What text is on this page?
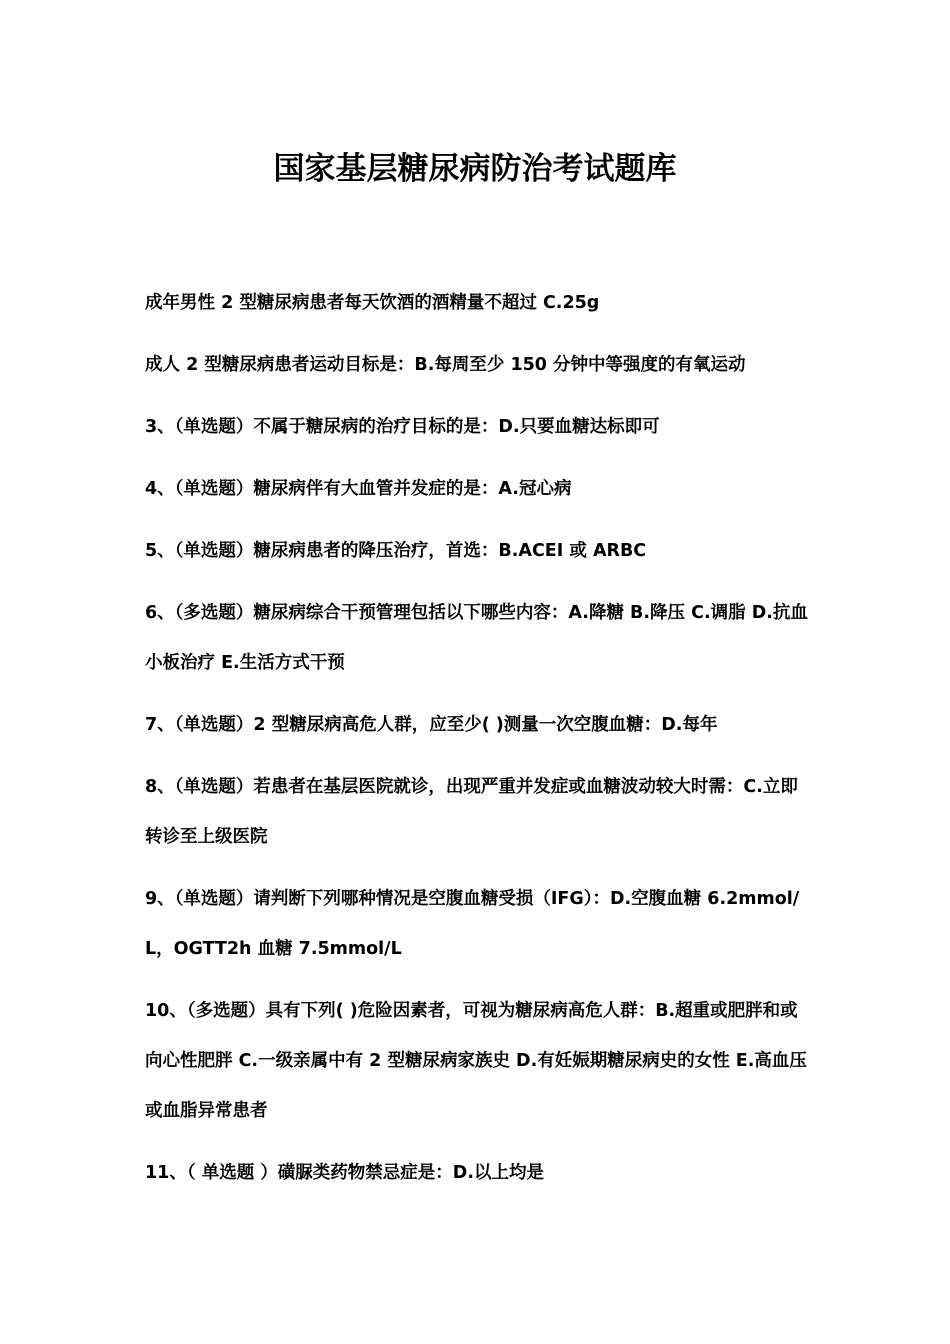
国家基层糖尿病防治考试题库

成年男性 2 型糖尿病患者每天饮酒的酒精量不超过 C.25g

成人 2 型糖尿病患者运动目标是：B.每周至少 150 分钟中等强度的有氧运动

3、（单选题）不属于糖尿病的治疗目标的是：D.只要血糖达标即可

4、（单选题）糖尿病伴有大血管并发症的是：A.冠心病

5、（单选题）糖尿病患者的降压治疗，首选：B.ACEI 或 ARBC

6、（多选题）糖尿病综合干预管理包括以下哪些内容：A.降糖 B.降压 C.调脂 D.抗血小板治疗 E.生活方式干预

7、（单选题）2 型糖尿病高危人群，应至少( )测量一次空腹血糖：D.每年

8、（单选题）若患者在基层医院就诊，出现严重并发症或血糖波动较大时需：C.立即转诊至上级医院

9、（单选题）请判断下列哪种情况是空腹血糖受损（IFG）：D.空腹血糖 6.2mmol/L，OGTT2h 血糖 7.5mmol/L

10、（多选题）具有下列( )危险因素者，可视为糖尿病高危人群：B.超重或肥胖和或向心性肥胖 C.一级亲属中有 2 型糖尿病家族史 D.有妊娠期糖尿病史的女性 E.高血压或血脂异常患者

11、（ 单选题 ）磺脲类药物禁忌症是：D.以上均是
